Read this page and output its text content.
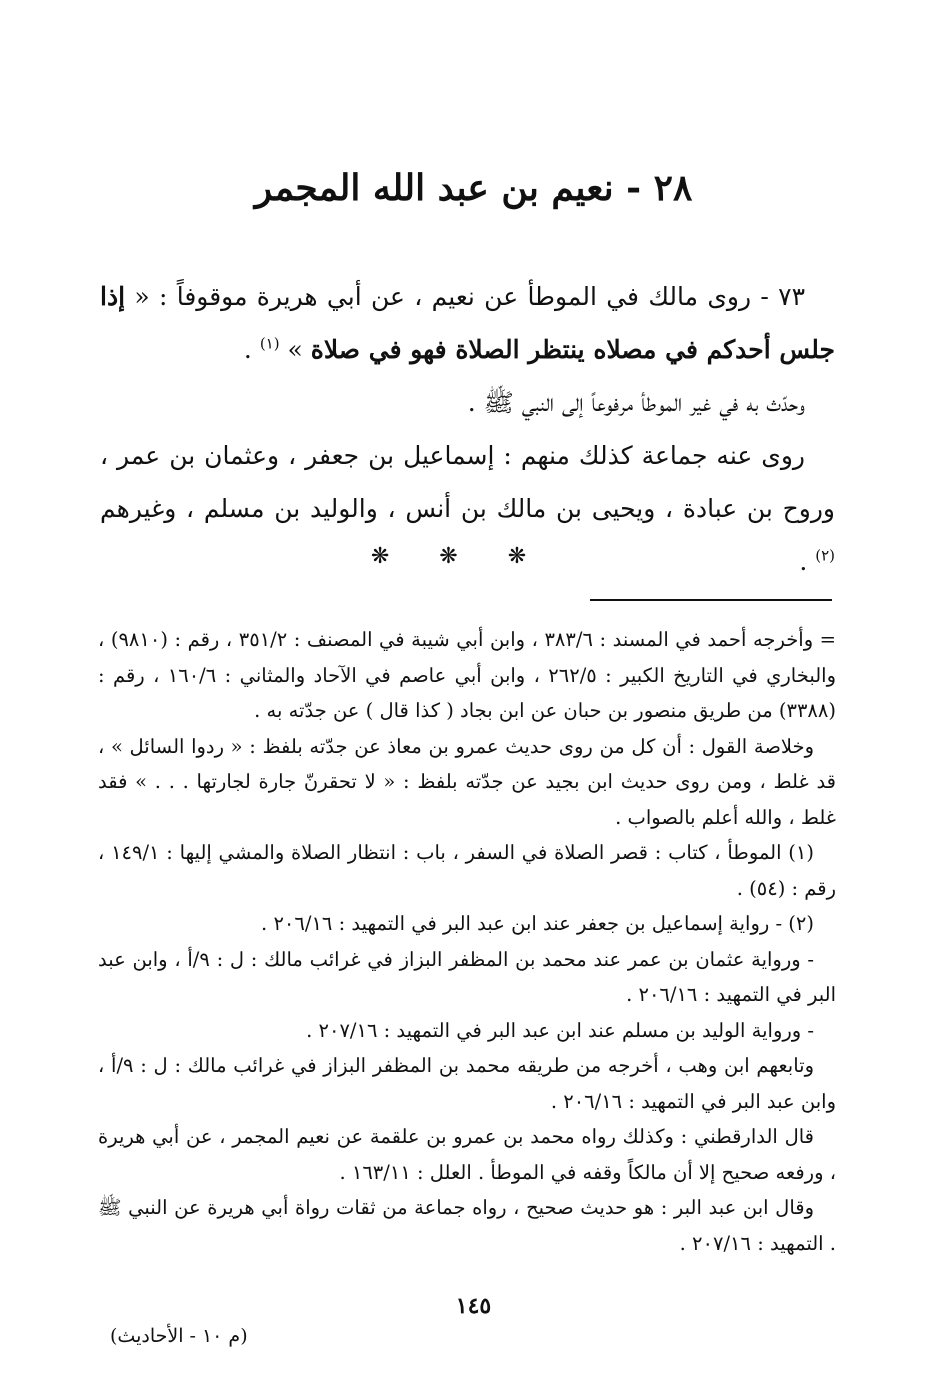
٢٨ - نعيم بن عبد الله المجمر

٧٣ - روى مالك في الموطأ عن نعيم ، عن أبي هريرة موقوفاً : « إذا جلس أحدكم في مصلاه ينتظر الصلاة فهو في صلاة » $^{(١)}$ .

وحدّث به في غير الموطأ مرفوعاً إلى النبي ﷺ .

روى عنه جماعة كذلك منهم : إسماعيل بن جعفر ، وعثمان بن عمر ، وروح بن عبادة ، ويحيى بن مالك بن أنس ، والوليد بن مسلم ، وغيرهم $^{(٢)}$ .

❋❋❋

= وأخرجه أحمد في المسند : ٣٨٣/٦ ، وابن أبي شيبة في المصنف : ٣٥١/٢ ، رقم : (٩٨١٠) ، والبخاري في التاريخ الكبير : ٢٦٢/٥ ، وابن أبي عاصم في الآحاد والمثاني : ١٦٠/٦ ، رقم : (٣٣٨٨) من طريق منصور بن حبان عن ابن بجاد ( كذا قال ) عن جدّته به .

وخلاصة القول : أن كل من روى حديث عمرو بن معاذ عن جدّته بلفظ : « ردوا السائل » ، قد غلط ، ومن روى حديث ابن بجيد عن جدّته بلفظ : « لا تحقرنّ جارة لجارتها . . . » فقد غلط ، والله أعلم بالصواب .

(١) الموطأ ، كتاب : قصر الصلاة في السفر ، باب : انتظار الصلاة والمشي إليها : ١٤٩/١ ، رقم : (٥٤) .

(٢) - رواية إسماعيل بن جعفر عند ابن عبد البر في التمهيد : ٢٠٦/١٦ .

- ورواية عثمان بن عمر عند محمد بن المظفر البزاز في غرائب مالك : ل : ٩/أ ، وابن عبد البر في التمهيد : ٢٠٦/١٦ .

- ورواية الوليد بن مسلم عند ابن عبد البر في التمهيد : ٢٠٧/١٦ .

وتابعهم ابن وهب ، أخرجه من طريقه محمد بن المظفر البزاز في غرائب مالك : ل : ٩/أ ، وابن عبد البر في التمهيد : ٢٠٦/١٦ .

قال الدارقطني : وكذلك رواه محمد بن عمرو بن علقمة عن نعيم المجمر ، عن أبي هريرة ، ورفعه صحيح إلا أن مالكاً وقفه في الموطأ . العلل : ١٦٣/١١ .

وقال ابن عبد البر : هو حديث صحيح ، رواه جماعة من ثقات رواة أبي هريرة عن النبي ﷺ . التمهيد : ٢٠٧/١٦ .

١٤٥
(م ١٠ - الأحاديث)
